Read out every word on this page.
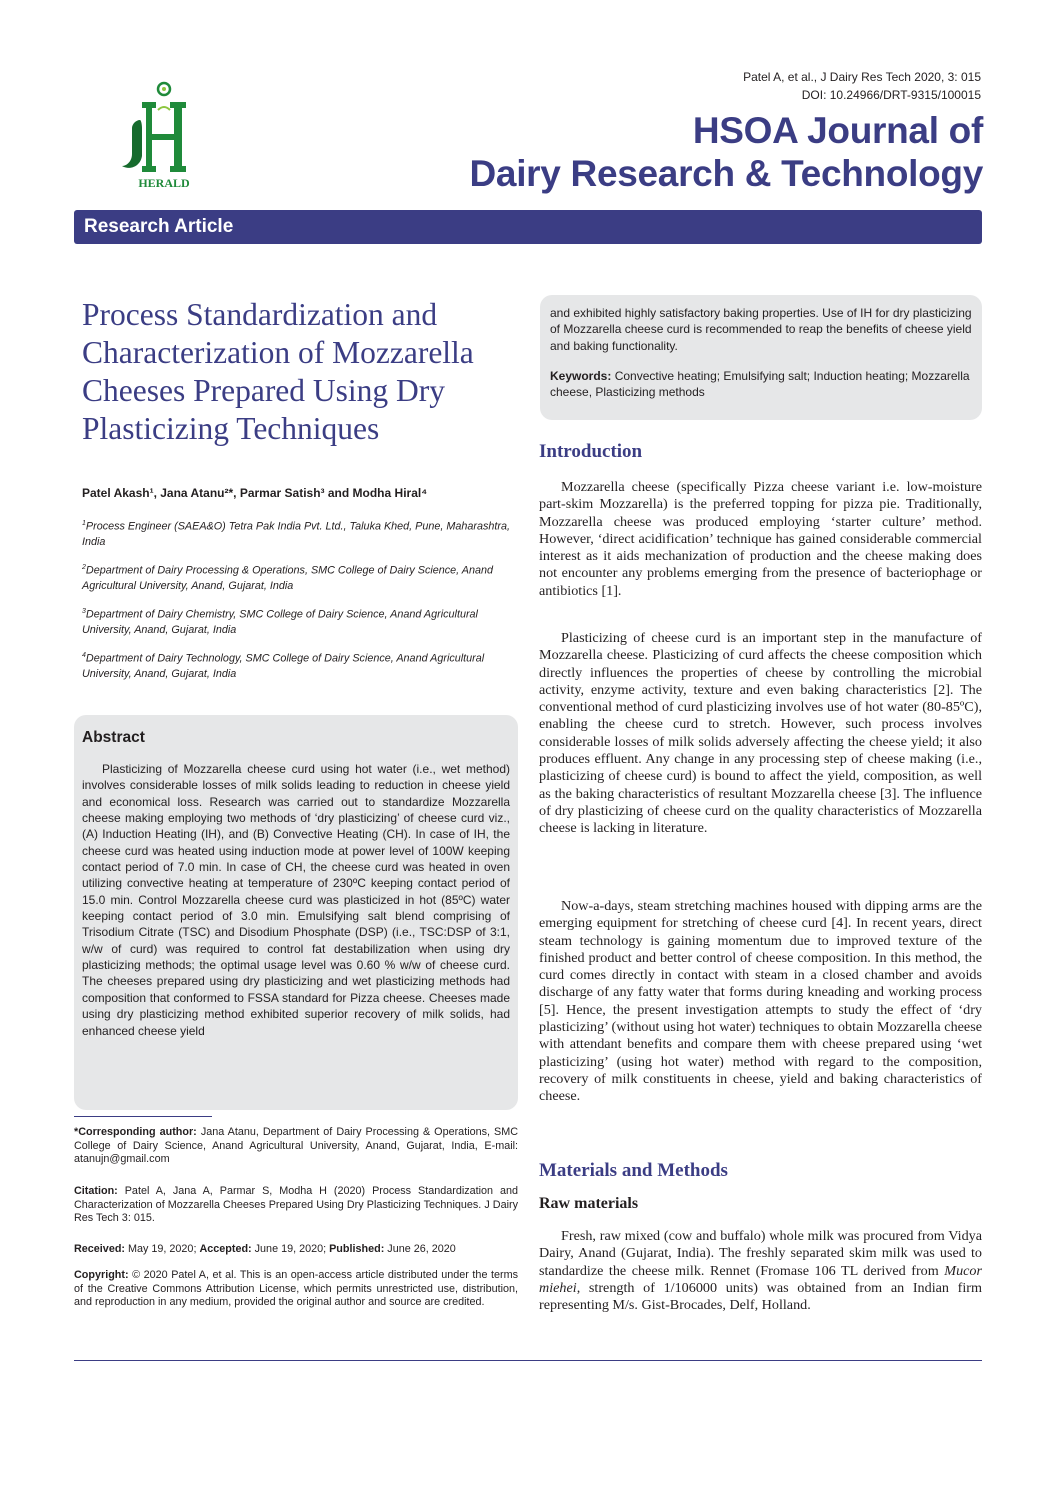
HERALD
Patel A, et al., J Dairy Res Tech 2020, 3: 015
DOI: 10.24966/DRT-9315/100015
HSOA Journal of
Dairy Research & Technology
Research Article
Process Standardization and Characterization of Mozzarella Cheeses Prepared Using Dry Plasticizing Techniques
Patel Akash¹, Jana Atanu²*, Parmar Satish³ and Modha Hiral⁴
$^1$Process Engineer (SAEA&O) Tetra Pak India Pvt. Ltd., Taluka Khed, Pune, Maharashtra, India
$^2$Department of Dairy Processing & Operations, SMC College of Dairy Science, Anand Agricultural University, Anand, Gujarat, India
$^3$Department of Dairy Chemistry, SMC College of Dairy Science, Anand Agricultural University, Anand, Gujarat, India
$^4$Department of Dairy Technology, SMC College of Dairy Science, Anand Agricultural University, Anand, Gujarat, India
Abstract

Plasticizing of Mozzarella cheese curd using hot water (i.e., wet method) involves considerable losses of milk solids leading to reduction in cheese yield and economical loss. Research was carried out to standardize Mozzarella cheese making employing two methods of ‘dry plasticizing’ of cheese curd viz., (A) Induction Heating (IH), and (B) Convective Heating (CH). In case of IH, the cheese curd was heated using induction mode at power level of 100W keeping contact period of 7.0 min. In case of CH, the cheese curd was heated in oven utilizing convective heating at temperature of 230ºC keeping contact period of 15.0 min. Control Mozzarella cheese curd was plasticized in hot (85ºC) water keeping contact period of 3.0 min. Emulsifying salt blend comprising of Trisodium Citrate (TSC) and Disodium Phosphate (DSP) (i.e., TSC:DSP of 3:1, w/w of curd) was required to control fat destabilization when using dry plasticizing methods; the optimal usage level was 0.60 % w/w of cheese curd. The cheeses prepared using dry plasticizing and wet plasticizing methods had composition that conformed to FSSA standard for Pizza cheese. Cheeses made using dry plasticizing method exhibited superior recovery of milk solids, had enhanced cheese yield

*Corresponding author: Jana Atanu, Department of Dairy Processing & Operations, SMC College of Dairy Science, Anand Agricultural University, Anand, Gujarat, India, E-mail: atanujn@gmail.com

Citation: Patel A, Jana A, Parmar S, Modha H (2020) Process Standardization and Characterization of Mozzarella Cheeses Prepared Using Dry Plasticizing Techniques. J Dairy Res Tech 3: 015.

Received: May 19, 2020; Accepted: June 19, 2020; Published: June 26, 2020

Copyright: © 2020 Patel A, et al. This is an open-access article distributed under the terms of the Creative Commons Attribution License, which permits unrestricted use, distribution, and reproduction in any medium, provided the original author and source are credited.

and exhibited highly satisfactory baking properties. Use of IH for dry plasticizing of Mozzarella cheese curd is recommended to reap the benefits of cheese yield and baking functionality.

Keywords: Convective heating; Emulsifying salt; Induction heating; Mozzarella cheese, Plasticizing methods

Introduction

Mozzarella cheese (specifically Pizza cheese variant i.e. low-moisture part-skim Mozzarella) is the preferred topping for pizza pie. Traditionally, Mozzarella cheese was produced employing ‘starter culture’ method. However, ‘direct acidification’ technique has gained considerable commercial interest as it aids mechanization of production and the cheese making does not encounter any problems emerging from the presence of bacteriophage or antibiotics [1].

Plasticizing of cheese curd is an important step in the manufacture of Mozzarella cheese. Plasticizing of curd affects the cheese composition which directly influences the properties of cheese by controlling the microbial activity, enzyme activity, texture and even baking characteristics [2]. The conventional method of curd plasticizing involves use of hot water (80-85ºC), enabling the cheese curd to stretch. However, such process involves considerable losses of milk solids adversely affecting the cheese yield; it also produces effluent. Any change in any processing step of cheese making (i.e., plasticizing of cheese curd) is bound to affect the yield, composition, as well as the baking characteristics of resultant Mozzarella cheese [3]. The influence of dry plasticizing of cheese curd on the quality characteristics of Mozzarella cheese is lacking in literature.

Now-a-days, steam stretching machines housed with dipping arms are the emerging equipment for stretching of cheese curd [4]. In recent years, direct steam technology is gaining momentum due to improved texture of the finished product and better control of cheese composition. In this method, the curd comes directly in contact with steam in a closed chamber and avoids discharge of any fatty water that forms during kneading and working process [5]. Hence, the present investigation attempts to study the effect of ‘dry plasticizing’ (without using hot water) techniques to obtain Mozzarella cheese with attendant benefits and compare them with cheese prepared using ‘wet plasticizing’ (using hot water) method with regard to the composition, recovery of milk constituents in cheese, yield and baking characteristics of cheese.

Materials and Methods
Raw materials

Fresh, raw mixed (cow and buffalo) whole milk was procured from Vidya Dairy, Anand (Gujarat, India). The freshly separated skim milk was used to standardize the cheese milk. Rennet (Fromase 106 TL derived from Mucor miehei, strength of 1/106000 units) was obtained from an Indian firm representing M/s. Gist-Brocades, Delf, Holland.
